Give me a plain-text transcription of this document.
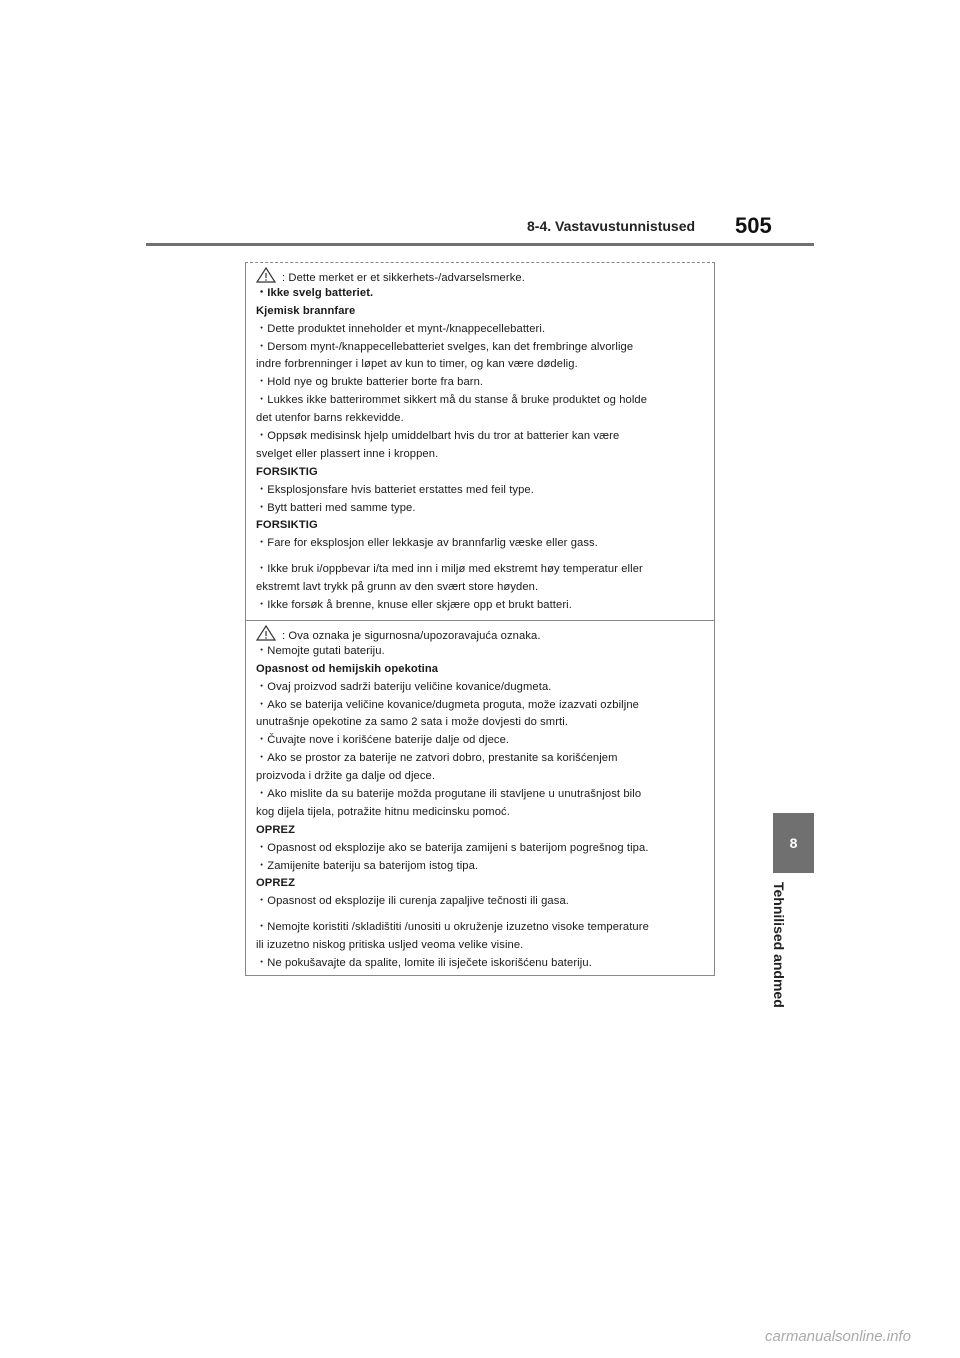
8-4. Vastavustunnistused 505
8
Tehnilised andmed
: Dette merket er et sikkerhets-/advarselsmerke.
・Ikke svelg batteriet.
Kjemisk brannfare
・Dette produktet inneholder et mynt-/knappecellebatteri.
・Dersom mynt-/knappecellebatteriet svelges, kan det frembringe alvorlige
indre forbrenninger i løpet av kun to timer, og kan være dødelig.
・Hold nye og brukte batterier borte fra barn.
・Lukkes ikke batterirommet sikkert må du stanse å bruke produktet og holde
det utenfor barns rekkevidde.
・Oppsøk medisinsk hjelp umiddelbart hvis du tror at batterier kan være
svelget eller plassert inne i kroppen.
FORSIKTIG
・Eksplosjonsfare hvis batteriet erstattes med feil type.
・Bytt batteri med samme type.
FORSIKTIG
・Fare for eksplosjon eller lekkasje av brannfarlig væske eller gass.
・Ikke bruk i/oppbevar i/ta med inn i miljø med ekstremt høy temperatur eller
ekstremt lavt trykk på grunn av den svært store høyden.
・Ikke forsøk å brenne, knuse eller skjære opp et brukt batteri.
: Ova oznaka je sigurnosna/upozoravajuća oznaka.
・Nemojte gutati bateriju.
Opasnost od hemijskih opekotina
・Ovaj proizvod sadrži bateriju veličine kovanice/dugmeta.
・Ako se baterija veličine kovanice/dugmeta proguta, može izazvati ozbiljne
unutrašnje opekotine za samo 2 sata i može dovjesti do smrti.
・Čuvajte nove i korišćene baterije dalje od djece.
・Ako se prostor za baterije ne zatvori dobro, prestanite sa korišćenjem
proizvoda i držite ga dalje od djece.
・Ako mislite da su baterije možda progutane ili stavljene u unutrašnjost bilo
kog dijela tijela, potražite hitnu medicinsku pomoć.
OPREZ
・Opasnost od eksplozije ako se baterija zamijeni s baterijom pogrešnog tipa.
・Zamijenite bateriju sa baterijom istog tipa.
OPREZ
・Opasnost od eksplozije ili curenja zapaljive tečnosti ili gasa.
・Nemojte koristiti /skladištiti /unositi u okruženje izuzetno visoke temperature
ili izuzetno niskog pritiska usljed veoma velike visine.
・Ne pokušavajte da spalite, lomite ili isječete iskorišćenu bateriju.
carmanualsonline.info
